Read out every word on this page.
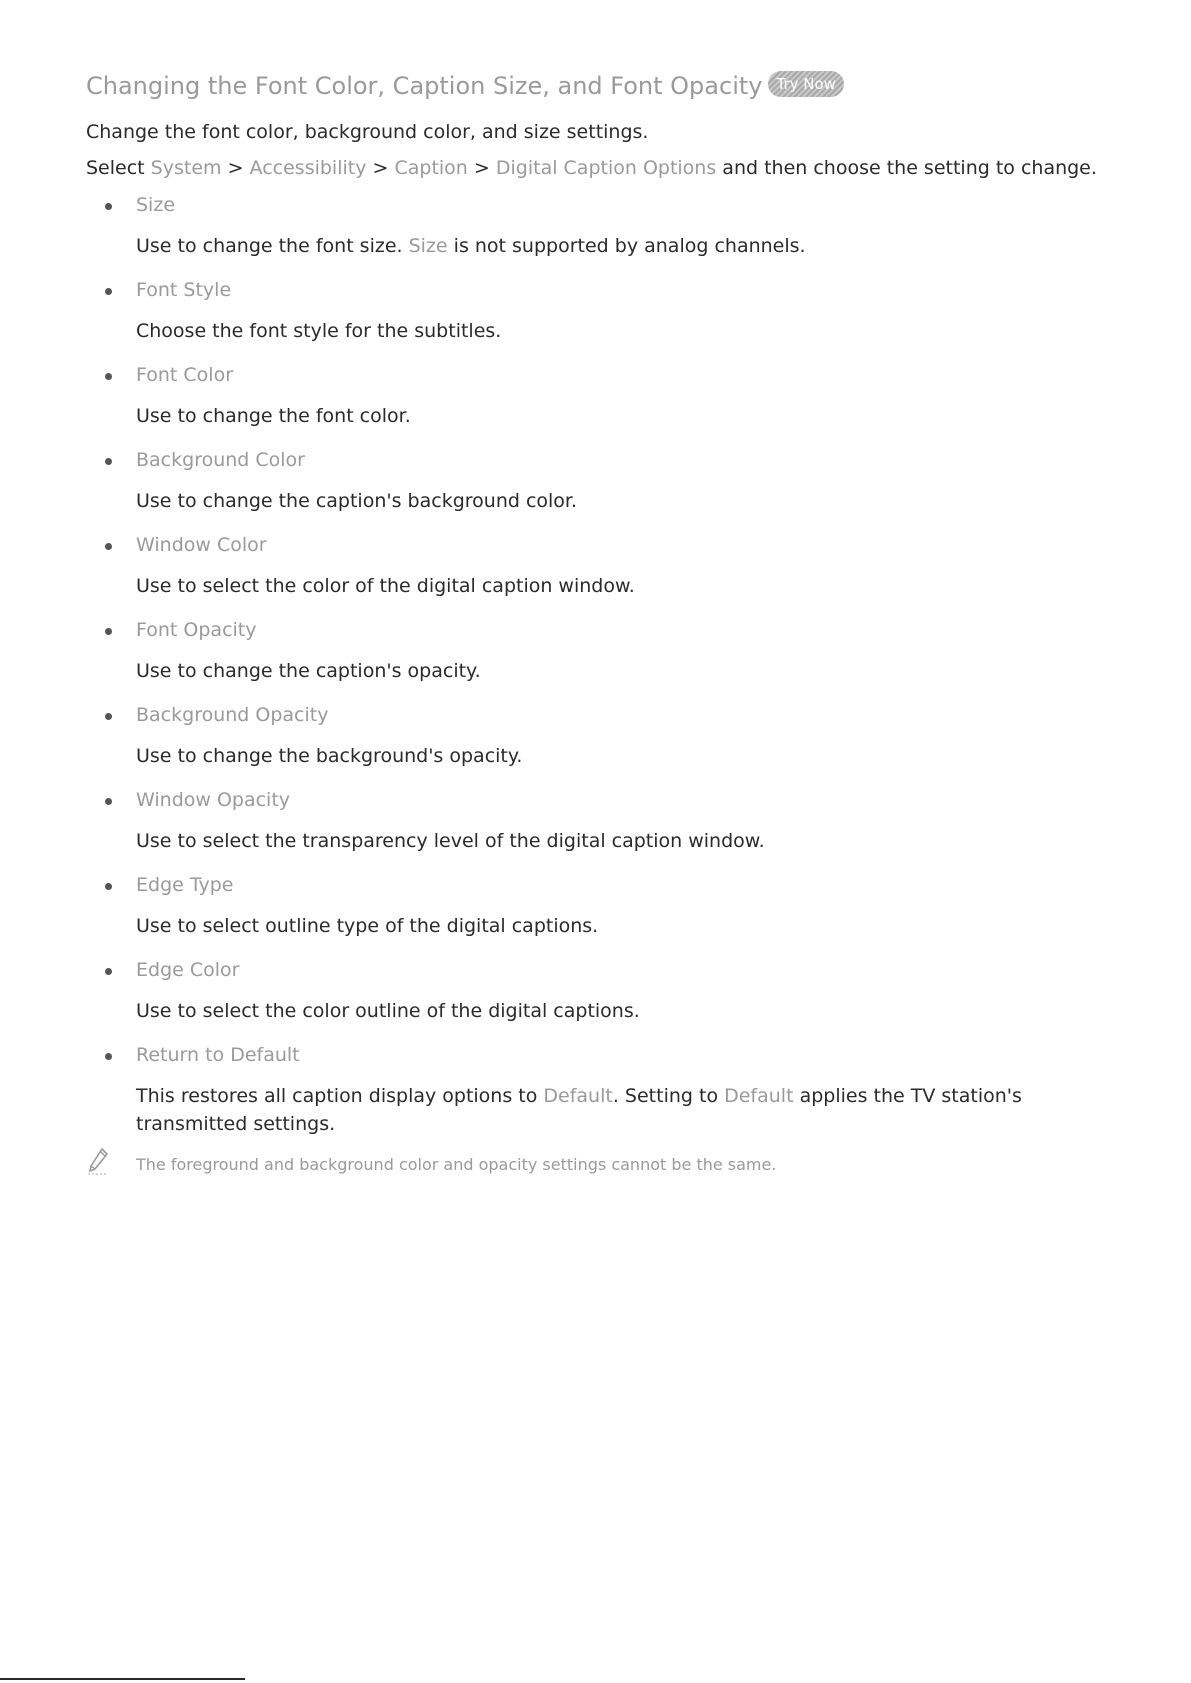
Changing the Font Color, Caption Size, and Font Opacity Try Now

Change the font color, background color, and size settings.

Select System > Accessibility > Caption > Digital Caption Options and then choose the setting to change.

Size
Use to change the font size. Size is not supported by analog channels.
Font Style
Choose the font style for the subtitles.
Font Color
Use to change the font color.
Background Color
Use to change the caption's background color.
Window Color
Use to select the color of the digital caption window.
Font Opacity
Use to change the caption's opacity.
Background Opacity
Use to change the background's opacity.
Window Opacity
Use to select the transparency level of the digital caption window.
Edge Type
Use to select outline type of the digital captions.
Edge Color
Use to select the color outline of the digital captions.
Return to Default
This restores all caption display options to Default. Setting to Default applies the TV station's transmitted settings.
The foreground and background color and opacity settings cannot be the same.
